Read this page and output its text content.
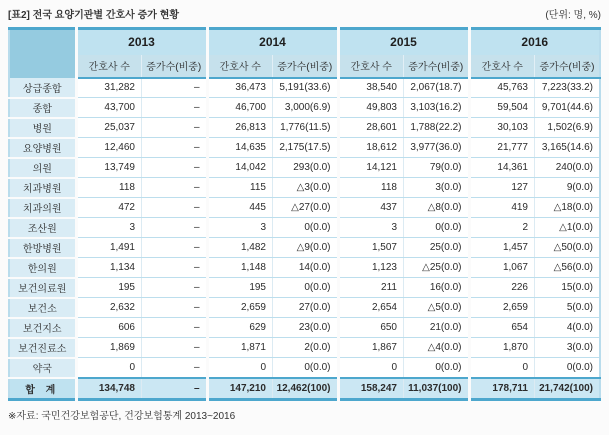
[표2] 전국 요양기관별 간호사 증가 현황	(단위: 명, %)
	2013		2014		2015		2016	
	간호사 수	증가수(비중)	간호사 수	증가수(비중)	간호사 수	증가수(비중)	간호사 수	증가수(비중)
상급종합	31,282	–	36,473	5,191(33.6)	38,540	2,067(18.7)	45,763	7,223(33.2)
종합	43,700	–	46,700	3,000(6.9)	49,803	3,103(16.2)	59,504	9,701(44.6)
병원	25,037	–	26,813	1,776(11.5)	28,601	1,788(22.2)	30,103	1,502(6.9)
요양병원	12,460	–	14,635	2,175(17.5)	18,612	3,977(36.0)	21,777	3,165(14.6)
의원	13,749	–	14,042	293(0.0)	14,121	79(0.0)	14,361	240(0.0)
치과병원	118	–	115	△3(0.0)	118	3(0.0)	127	9(0.0)
치과의원	472	–	445	△27(0.0)	437	△8(0.0)	419	△18(0.0)
조산원	3	–	3	0(0.0)	3	0(0.0)	2	△1(0.0)
한방병원	1,491	–	1,482	△9(0.0)	1,507	25(0.0)	1,457	△50(0.0)
한의원	1,134	–	1,148	14(0.0)	1,123	△25(0.0)	1,067	△56(0.0)
보건의료원	195	–	195	0(0.0)	211	16(0.0)	226	15(0.0)
보건소	2,632	–	2,659	27(0.0)	2,654	△5(0.0)	2,659	5(0.0)
보건지소	606	–	629	23(0.0)	650	21(0.0)	654	4(0.0)
보건진료소	1,869	–	1,871	2(0.0)	1,867	△4(0.0)	1,870	3(0.0)
약국	0	–	0	0(0.0)	0	0(0.0)	0	0(0.0)
합 계	134,748	–	147,210	12,462(100)	158,247	11,037(100)	178,711	21,742(100)
※자료: 국민건강보험공단, 건강보험통계 2013~2016
